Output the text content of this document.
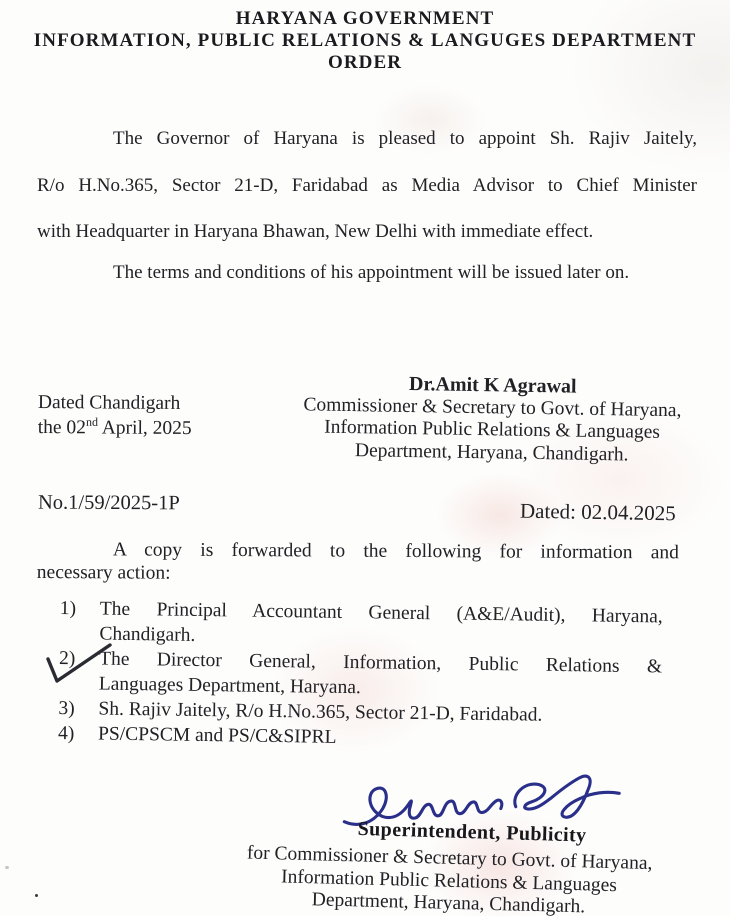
HARYANA GOVERNMENT
INFORMATION, PUBLIC RELATIONS & LANGUGES DEPARTMENT
ORDER
The Governor of Haryana is pleased to appoint Sh. Rajiv Jaitely,
R/o H.No.365, Sector 21-D, Faridabad as Media Advisor to Chief Minister
with Headquarter in Haryana Bhawan, New Delhi with immediate effect.
The terms and conditions of his appointment will be issued later on.
Dated Chandigarh
the 02nd April, 2025
Dr.Amit K Agrawal
Commissioner & Secretary to Govt. of Haryana,
Information Public Relations & Languages
Department, Haryana, Chandigarh.
No.1/59/2025-1P	Dated: 02.04.2025
A copy is forwarded to the following for information and
necessary action:
1)	The Principal Accountant General (A&E/Audit), Haryana,
Chandigarh.
2)	The Director General, Information, Public Relations &
Languages Department, Haryana.
3)	Sh. Rajiv Jaitely, R/o H.No.365, Sector 21-D, Faridabad.
4)	PS/CPSCM and PS/C&SIPRL
Superintendent, Publicity
for Commissioner & Secretary to Govt. of Haryana,
Information Public Relations & Languages
Department, Haryana, Chandigarh.
